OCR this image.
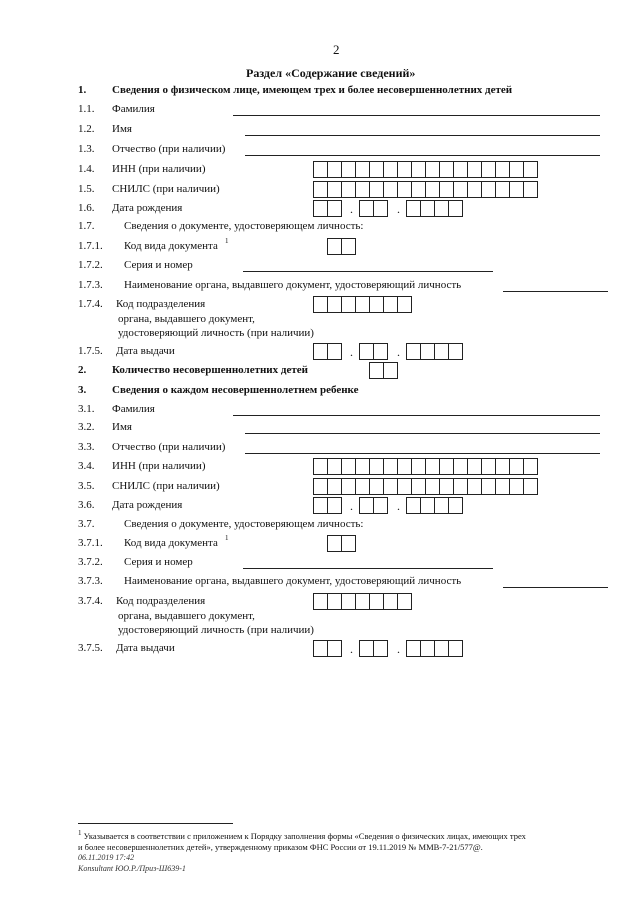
2
Раздел «Содержание сведений»
1. Сведения о физическом лице, имеющем трех и более несовершеннолетних детей
1.1. Фамилия
1.2. Имя
1.3. Отчество (при наличии)
1.4. ИНН (при наличии)
1.5. СНИЛС (при наличии)
1.6. Дата рождения	.	.
1.7.	Сведения о документе, удостоверяющем личность:
1.7.1. Код вида документа 1
1.7.2. Серия и номер
1.7.3. Наименование органа, выдавшего документ, удостоверяющий личность
1.7.4. Код подразделения
органа, выдавшего документ,
удостоверяющий личность (при наличии)
1.7.5. Дата выдачи	.	.
2. Количество несовершеннолетних детей
3. Сведения о каждом несовершеннолетнем ребенке
3.1. Фамилия
3.2. Имя
3.3. Отчество (при наличии)
3.4. ИНН (при наличии)
3.5. СНИЛС (при наличии)
3.6. Дата рождения	.	.
3.7.	Сведения о документе, удостоверяющем личность:
3.7.1. Код вида документа 1
3.7.2. Серия и номер
3.7.3. Наименование органа, выдавшего документ, удостоверяющий личность
3.7.4. Код подразделения
органа, выдавшего документ,
удостоверяющий личность (при наличии)
3.7.5. Дата выдачи	.	.
$^1$ Указывается в соответствии с приложением к Порядку заполнения формы «Сведения о физических лицах, имеющих трех
и более несовершеннолетних детей», утвержденному приказом ФНС России от 19.11.2019 № ММВ-7-21/577@.
06.11.2019 17:42
Konsultant ЮО.Р./Приз-Ш639-1
